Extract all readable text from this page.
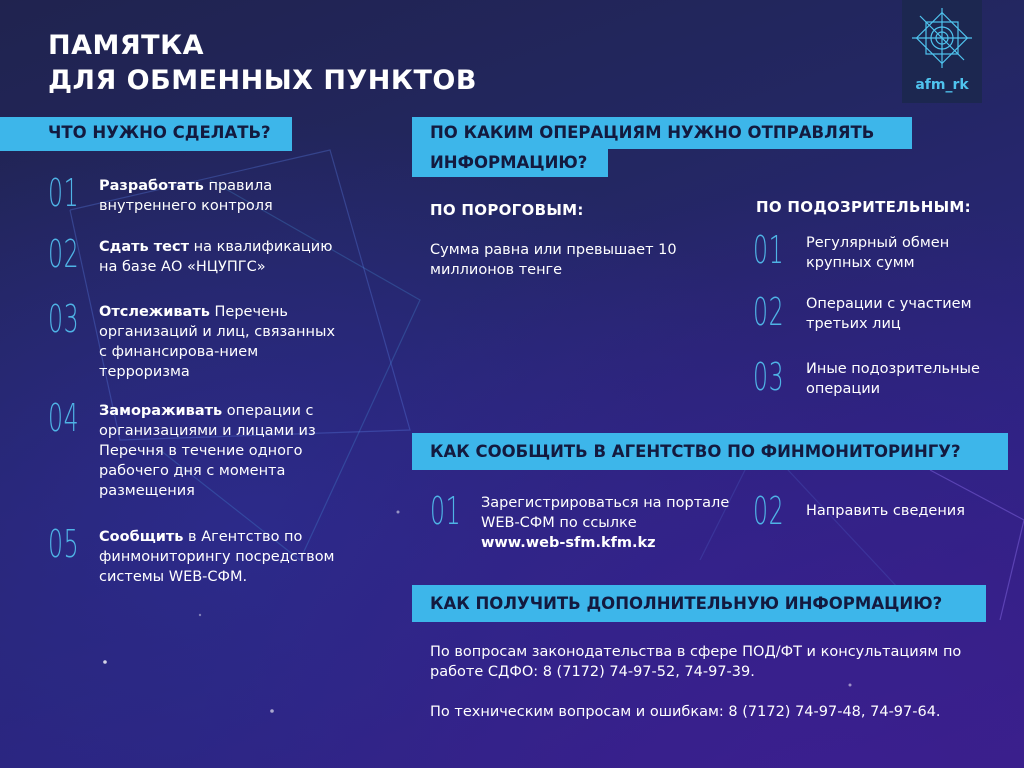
ПАМЯТКА
ДЛЯ ОБМЕННЫХ ПУНКТОВ	afm_rk
ЧТО НУЖНО СДЕЛАТЬ?
01 Разработать правила внутреннего контроля
02 Сдать тест на квалификацию на базе АО «НЦУПГС»
03 Отслеживать Перечень организаций и лиц, связанных с финансирова-нием терроризма
04 Замораживать операции с организациями и лицами из Перечня в течение одного рабочего дня с момента размещения
05 Сообщить в Агентство по финмониторингу посредством системы WEB-СФМ.
ПО КАКИМ ОПЕРАЦИЯМ НУЖНО ОТПРАВЛЯТЬ
ИНФОРМАЦИЮ?
ПО ПОРОГОВЫМ:
Сумма равна или превышает 10 миллионов тенге
ПО ПОДОЗРИТЕЛЬНЫМ:
01 Регулярный обмен крупных сумм
02 Операции с участием третьих лиц
03 Иные подозрительные операции
КАК СООБЩИТЬ В АГЕНТСТВО ПО ФИНМОНИТОРИНГУ?
01 Зарегистрироваться на портале WEB-СФМ по ссылке
www.web-sfm.kfm.kz
02 Направить сведения
КАК ПОЛУЧИТЬ ДОПОЛНИТЕЛЬНУЮ ИНФОРМАЦИЮ?
По вопросам законодательства в сфере ПОД/ФТ и консультациям по работе СДФО: 8 (7172) 74-97-52, 74-97-39.
По техническим вопросам и ошибкам: 8 (7172) 74-97-48, 74-97-64.
